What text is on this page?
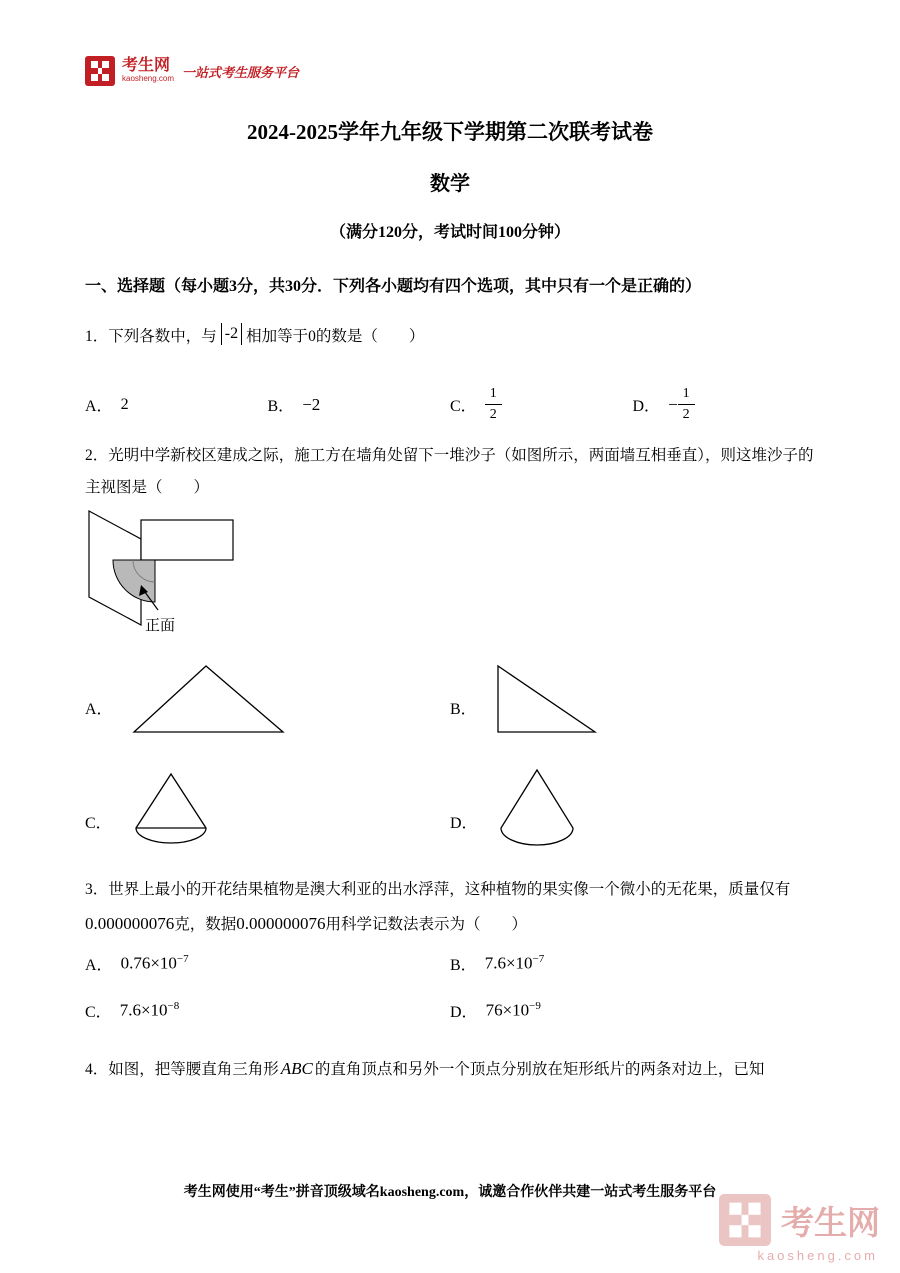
考生网
kaosheng.com 一站式考生服务平台
2024-2025学年九年级下学期第二次联考试卷
数学
（满分120分，考试时间100分钟）
一、选择题（每小题3分，共30分．下列各小题均有四个选项，其中只有一个是正确的）
1．下列各数中，与 -2 相加等于0的数是（　　）
A． 2	B． −2	C． $\frac{1}{2}$	D． − $\frac{1}{2}$
2．光明中学新校区建成之际，施工方在墙角处留下一堆沙子（如图所示，两面墙互相垂直），则这堆沙子的主视图是（　　）
正面
A．	B．
C．	D．
3．世界上最小的开花结果植物是澳大利亚的出水浮萍，这种植物的果实像一个微小的无花果，质量仅有0.000000076克，数据0.000000076用科学记数法表示为（　　）
A． $0.76\times 10^{-7}$	B． $7.6\times 10^{-7}$
C． $7.6\times 10^{-8}$	D． $76\times 10^{-9}$
4．如图，把等腰直角三角形 ABC 的直角顶点和另外一个顶点分别放在矩形纸片的两条对边上，已知
考生网使用“考生”拼音顶级域名kaosheng.com，诚邀合作伙伴共建一站式考生服务平台
考生网
kaosheng.com
